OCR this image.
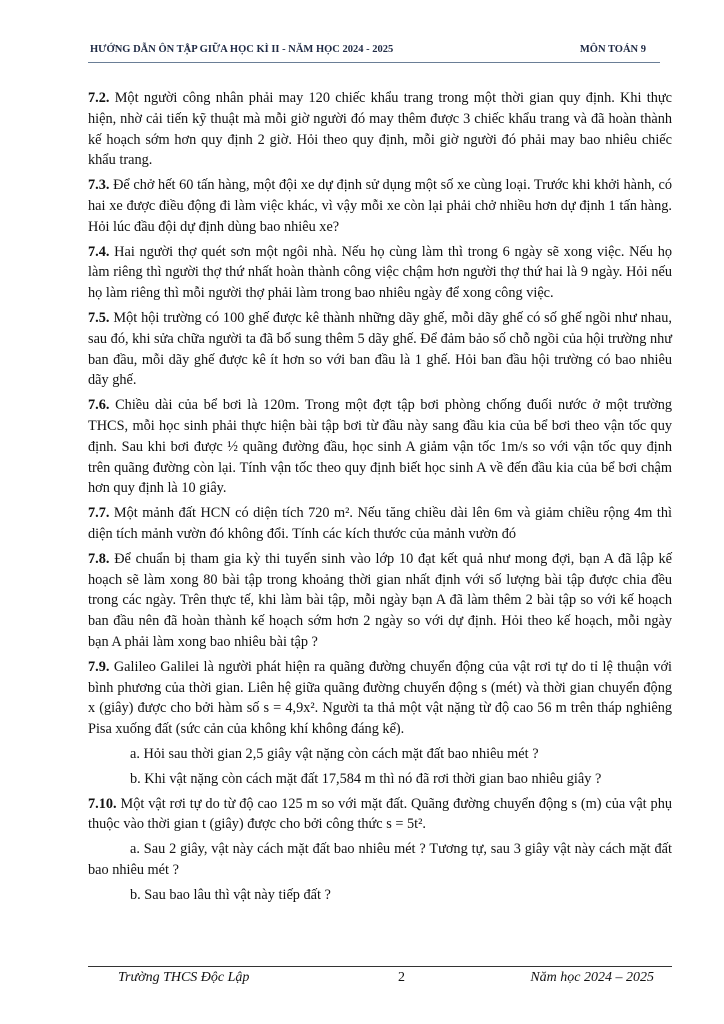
HƯỚNG DẪN ÔN TẬP GIỮA HỌC KÌ II - NĂM HỌC 2024 - 2025	MÔN TOÁN 9

7.2. Một người công nhân phải may 120 chiếc khẩu trang trong một thời gian quy định. Khi thực hiện, nhờ cải tiến kỹ thuật mà mỗi giờ người đó may thêm được 3 chiếc khẩu trang và đã hoàn thành kế hoạch sớm hơn quy định 2 giờ. Hỏi theo quy định, mỗi giờ người đó phải may bao nhiêu chiếc khẩu trang.

7.3. Để chở hết 60 tấn hàng, một đội xe dự định sử dụng một số xe cùng loại. Trước khi khởi hành, có hai xe được điều động đi làm việc khác, vì vậy mỗi xe còn lại phải chở nhiều hơn dự định 1 tấn hàng. Hỏi lúc đầu đội dự định dùng bao nhiêu xe?

7.4. Hai người thợ quét sơn một ngôi nhà. Nếu họ cùng làm thì trong 6 ngày sẽ xong việc. Nếu họ làm riêng thì người thợ thứ nhất hoàn thành công việc chậm hơn người thợ thứ hai là 9 ngày. Hỏi nếu họ làm riêng thì mỗi người thợ phải làm trong bao nhiêu ngày để xong công việc.

7.5. Một hội trường có 100 ghế được kê thành những dãy ghế, mỗi dãy ghế có số ghế ngồi như nhau, sau đó, khi sửa chữa người ta đã bổ sung thêm 5 dãy ghế. Để đảm bảo số chỗ ngồi của hội trường như ban đầu, mỗi dãy ghế được kê ít hơn so với ban đầu là 1 ghế. Hỏi ban đầu hội trường có bao nhiêu dãy ghế.

7.6. Chiều dài của bể bơi là 120m. Trong một đợt tập bơi phòng chống đuối nước ở một trường THCS, mỗi học sinh phải thực hiện bài tập bơi từ đầu này sang đầu kia của bể bơi theo vận tốc quy định. Sau khi bơi được ½ quãng đường đầu, học sinh A giảm vận tốc 1m/s so với vận tốc quy định trên quãng đường còn lại. Tính vận tốc theo quy định biết học sinh A về đến đầu kia của bể bơi chậm hơn quy định là 10 giây.

7.7. Một mảnh đất HCN có diện tích 720 m². Nếu tăng chiều dài lên 6m và giảm chiều rộng 4m thì diện tích mảnh vườn đó không đổi. Tính các kích thước của mảnh vườn đó

7.8. Để chuẩn bị tham gia kỳ thi tuyển sinh vào lớp 10 đạt kết quả như mong đợi, bạn A đã lập kế hoạch sẽ làm xong 80 bài tập trong khoảng thời gian nhất định với số lượng bài tập được chia đều trong các ngày. Trên thực tế, khi làm bài tập, mỗi ngày bạn A đã làm thêm 2 bài tập so với kế hoạch ban đầu nên đã hoàn thành kế hoạch sớm hơn 2 ngày so với dự định. Hỏi theo kế hoạch, mỗi ngày bạn A phải làm xong bao nhiêu bài tập ?

7.9. Galileo Galilei là người phát hiện ra quãng đường chuyển động của vật rơi tự do tỉ lệ thuận với bình phương của thời gian. Liên hệ giữa quãng đường chuyển động s (mét) và thời gian chuyển động x (giây) được cho bởi hàm số s = 4,9x². Người ta thả một vật nặng từ độ cao 56 m trên tháp nghiêng Pisa xuống đất (sức cản của không khí không đáng kể).

a. Hỏi sau thời gian 2,5 giây vật nặng còn cách mặt đất bao nhiêu mét ?

b. Khi vật nặng còn cách mặt đất 17,584 m thì nó đã rơi thời gian bao nhiêu giây ?

7.10. Một vật rơi tự do từ độ cao 125 m so với mặt đất. Quãng đường chuyển động s (m) của vật phụ thuộc vào thời gian t (giây) được cho bởi công thức s = 5t².

a. Sau 2 giây, vật này cách mặt đất bao nhiêu mét ? Tương tự, sau 3 giây vật này cách mặt đất bao nhiêu mét ?

b. Sau bao lâu thì vật này tiếp đất ?

Trường THCS Độc Lập	2	Năm học 2024 – 2025
